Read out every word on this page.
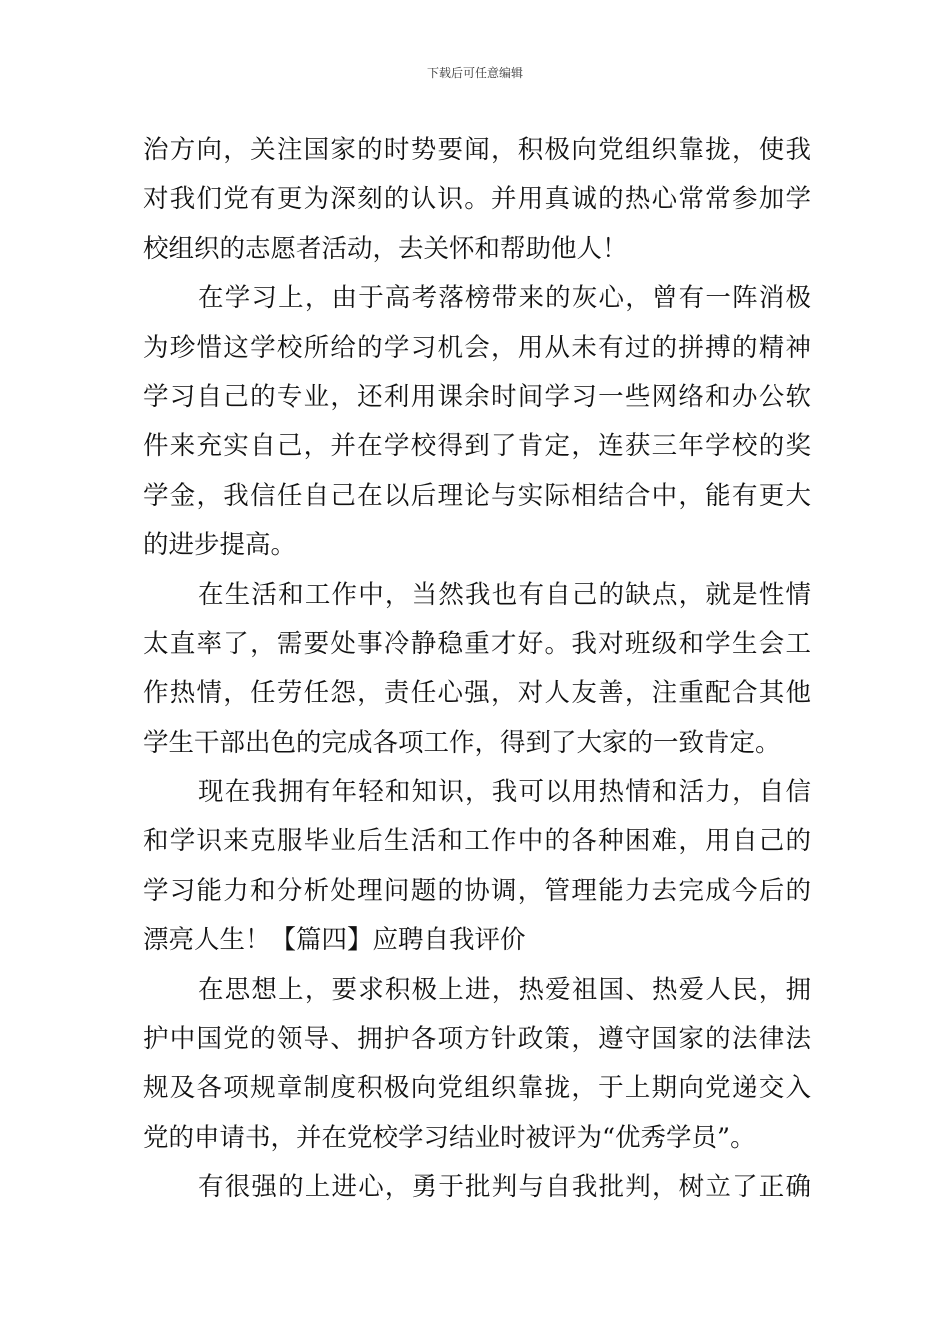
下载后可任意编辑
治方向，关注国家的时势要闻，积极向党组织靠拢，使我
对我们党有更为深刻的认识。并用真诚的热心常常参加学
校组织的志愿者活动，去关怀和帮助他人！
在学习上，由于高考落榜带来的灰心，曾有一阵消极
为珍惜这学校所给的学习机会，用从未有过的拼搏的精神
学习自己的专业，还利用课余时间学习一些网络和办公软
件来充实自己，并在学校得到了肯定，连获三年学校的奖
学金，我信任自己在以后理论与实际相结合中，能有更大
的进步提高。
在生活和工作中，当然我也有自己的缺点，就是性情
太直率了，需要处事冷静稳重才好。我对班级和学生会工
作热情，任劳任怨，责任心强，对人友善，注重配合其他
学生干部出色的完成各项工作，得到了大家的一致肯定。
现在我拥有年轻和知识，我可以用热情和活力，自信
和学识来克服毕业后生活和工作中的各种困难，用自己的
学习能力和分析处理问题的协调，管理能力去完成今后的
漂亮人生！【篇四】应聘自我评价
在思想上，要求积极上进，热爱祖国、热爱人民，拥
护中国党的领导、拥护各项方针政策，遵守国家的法律法
规及各项规章制度积极向党组织靠拢，于上期向党递交入
党的申请书，并在党校学习结业时被评为“优秀学员”。
有很强的上进心，勇于批判与自我批判，树立了正确
